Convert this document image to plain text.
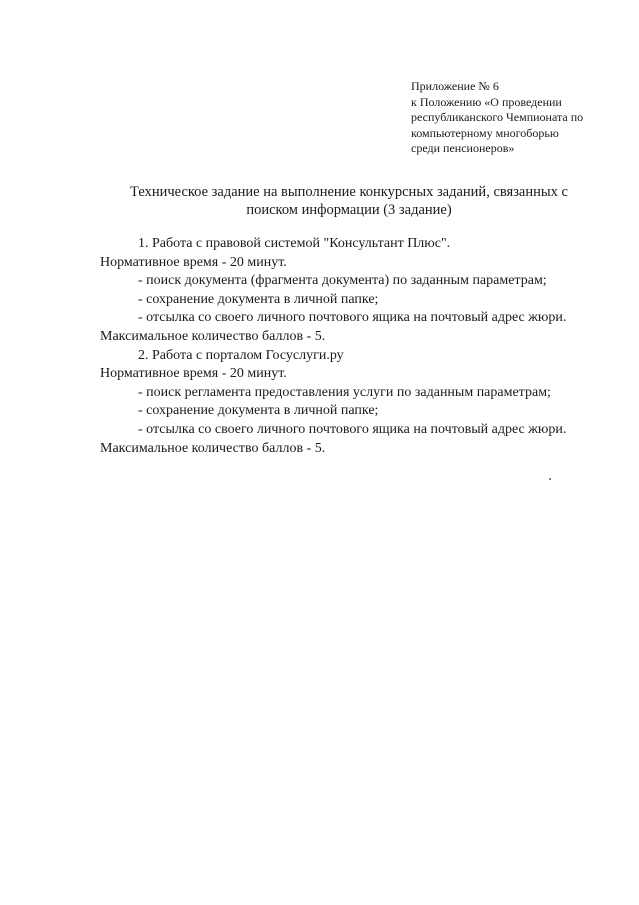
Приложение № 6
к Положению «О проведении
республиканского Чемпионата по
компьютерному многоборью
среди пенсионеров»
Техническое задание на выполнение конкурсных заданий, связанных с
поиском информации (3 задание)
1. Работа с правовой системой "Консультант Плюс".
Нормативное время - 20 минут.
- поиск документа (фрагмента документа) по заданным параметрам;
- сохранение документа в личной папке;
- отсылка со своего личного почтового ящика на почтовый адрес жюри.
Максимальное количество баллов - 5.
2. Работа с порталом Госуслуги.ру
Нормативное время - 20 минут.
- поиск регламента предоставления услуги по заданным параметрам;
- сохранение документа в личной папке;
- отсылка со своего личного почтового ящика на почтовый адрес жюри.
Максимальное количество баллов - 5.
